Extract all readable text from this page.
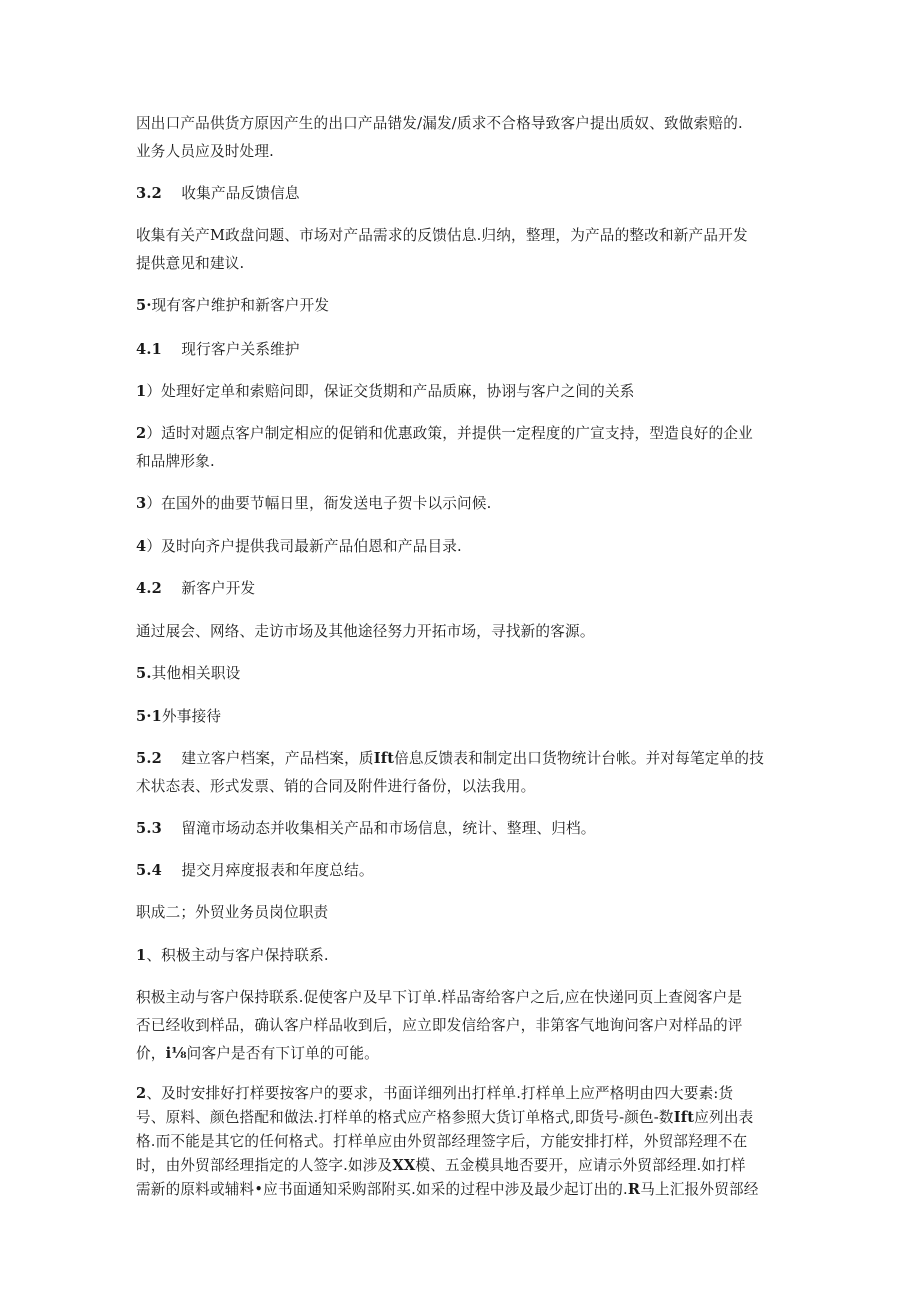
因出口产品供货方原因产生的出口产品错发/漏发/质求不合格导致客户提出质奴、致做索赔的.
业务人员应及时处理.

3.2 收集产品反馈信息

收集有关产M政盘问题、市场对产品需求的反馈估息.归纳，整理，为产品的整改和新产品开发
提供意见和建议.

5·现有客户维护和新客户开发

4.1 现行客户关系维护

1）处理好定单和索赔问即，保证交货期和产品质麻，协诩与客户之间的关系

2）适时对题点客户制定相应的促销和优惠政策，并提供一定程度的广宣支持，型造良好的企业
和品牌形象.

3）在国外的曲要节幅日里，衙发送电子贺卡以示问候.

4）及时向齐户提供我司最新产品伯恩和产品目录.

4.2 新客户开发

通过展会、网络、走访市场及其他途径努力开拓市场，寻找新的客源。

5.其他相关职设

5·1外事接待

5.2 建立客户档案，产品档案，质Ift倍息反馈表和制定出口货物统计台帐。并对每笔定单的技
术状态表、形式发票、销的合同及附件进行备份，以法我用。

5.3 留滝市场动态并收集相关产品和市场信息，统计、整理、归档。

5.4 提交月瘁度报表和年度总结。

职成二；外贸业务员岗位职责

1、积极主动与客户保持联系.

积极主动与客户保持联系.促使客户及早下订单.样品寄给客户之后,应在快递冋页上查阅客户是
否已经收到样品，确认客户样品收到后，应立即发信给客户，非第客气地询问客户对样品的评
价，i⅛问客户是否有下订单的可能。

2、及时安排好打样要按客户的要求，书面详细列出打样单.打样单上应严格明由四大要素:货
号、原料、颜色搭配和做法.打样单的格式应产格参照大货订单格式,即货号-颜色-数Ift应列出表
格.而不能是其它的任何格式。打样单应由外贸部经理签字后，方能安排打样，外贸部羟理不在
时，由外贸部经理指定的人签字.如涉及XX模、五金模具地否要开，应请示外贸部经理.如打样
需新的原料或辅料•应书面通知采购部附买.如采的过程中涉及最少起订出的.R马上汇报外贸部经
